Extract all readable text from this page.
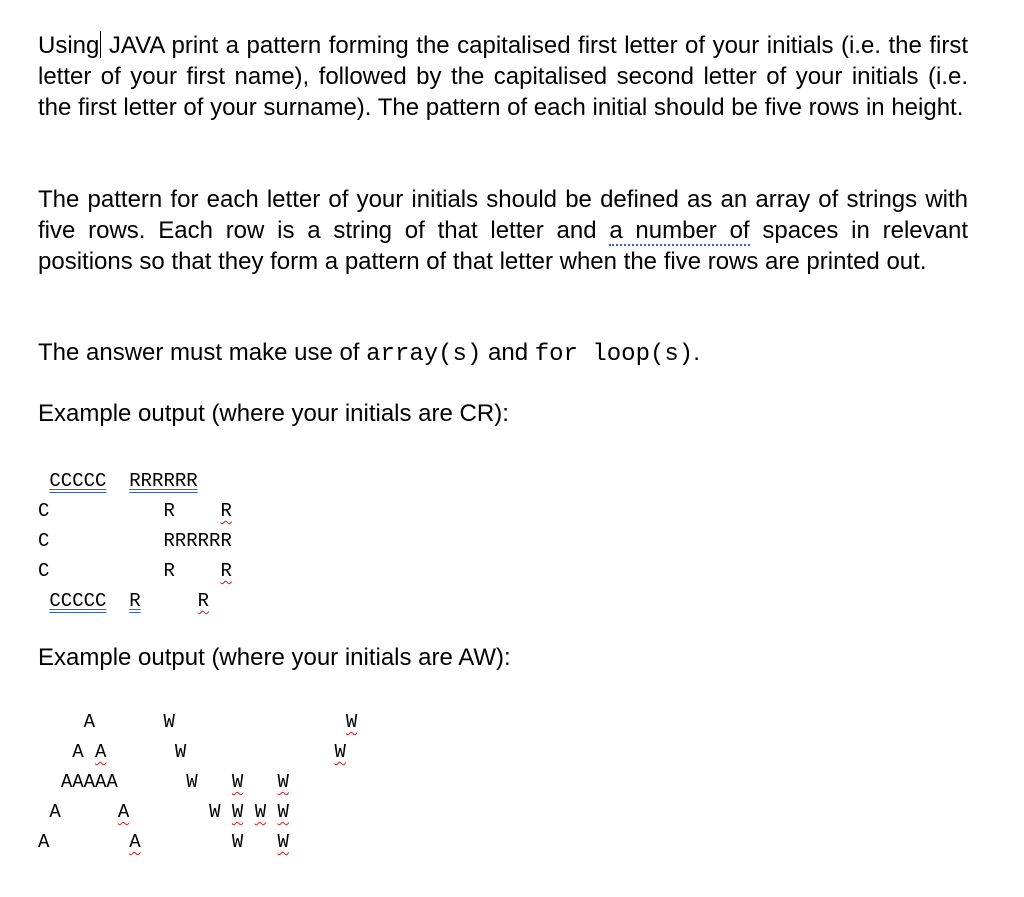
Using JAVA print a pattern forming the capitalised first letter of your initials (i.e. the first letter of your first name), followed by the capitalised second letter of your initials (i.e. the first letter of your surname). The pattern of each initial should be five rows in height.

The pattern for each letter of your initials should be defined as an array of strings with five rows. Each row is a string of that letter and a number of spaces in relevant positions so that they form a pattern of that letter when the five rows are printed out.

The answer must make use of array(s) and for loop(s).

Example output (where your initials are CR):

CCCCC RRRRRR
C	R R
C	RRRRRR
C	R R
CCCCC R	R

Example output (where your initials are AW):

A	W	W
A A	W	W
AAAAA	W W W
A	A	W W W W
A	A	W W
